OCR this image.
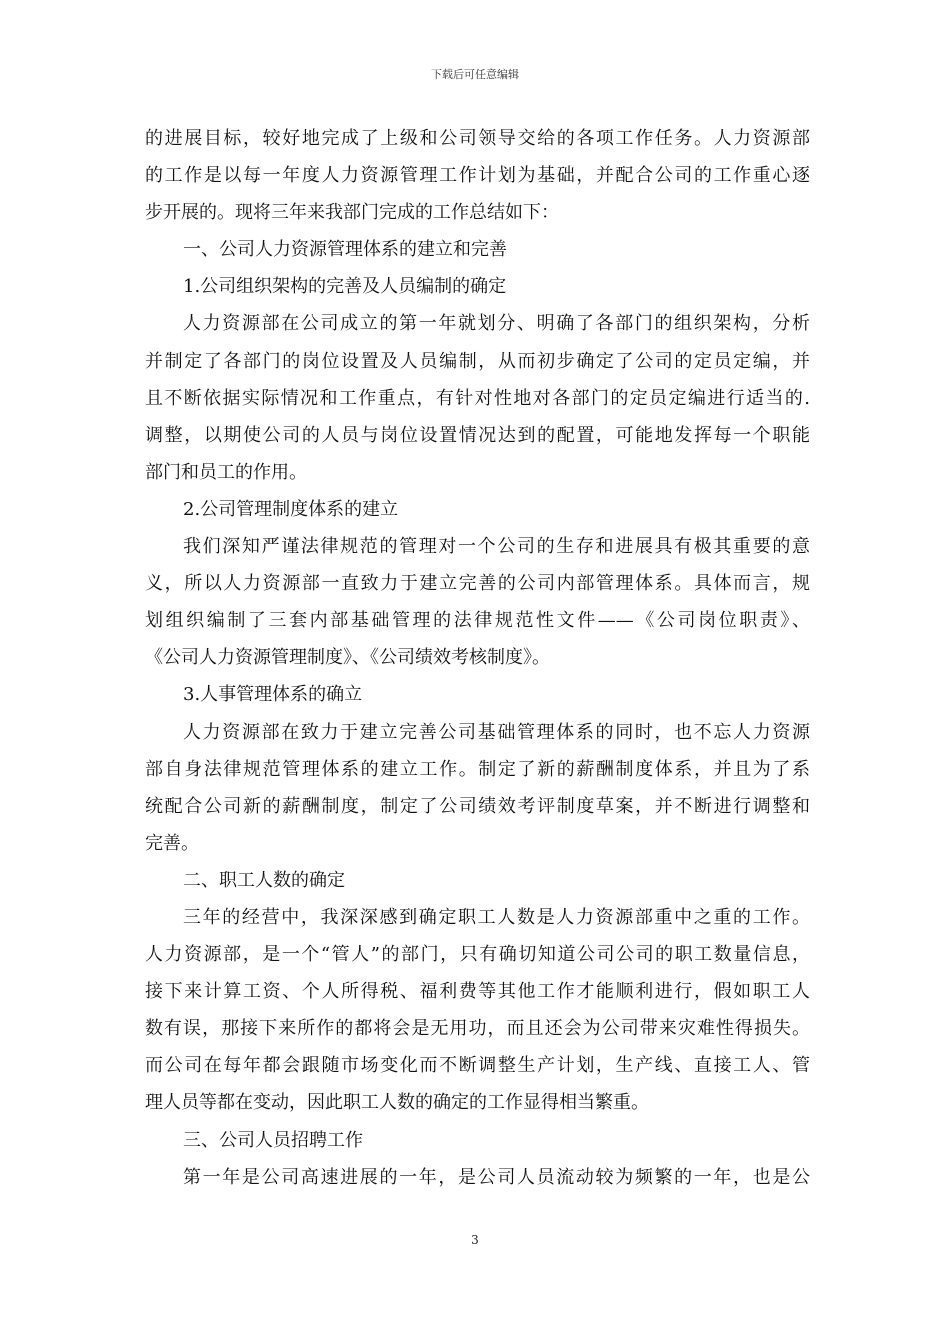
下载后可任意编辑
的进展目标，较好地完成了上级和公司领导交给的各项工作任务。人力资源部
的工作是以每一年度人力资源管理工作计划为基础，并配合公司的工作重心逐
步开展的。现将三年来我部门完成的工作总结如下：
一、公司人力资源管理体系的建立和完善
1.公司组织架构的完善及人员编制的确定
人力资源部在公司成立的第一年就划分、明确了各部门的组织架构，分析
并制定了各部门的岗位设置及人员编制，从而初步确定了公司的定员定编，并
且不断依据实际情况和工作重点，有针对性地对各部门的定员定编进行适当的.
调整，以期使公司的人员与岗位设置情况达到的配置，可能地发挥每一个职能
部门和员工的作用。
2.公司管理制度体系的建立
我们深知严谨法律规范的管理对一个公司的生存和进展具有极其重要的意
义，所以人力资源部一直致力于建立完善的公司内部管理体系。具体而言，规
划组织编制了三套内部基础管理的法律规范性文件——《公司岗位职责》、
《公司人力资源管理制度》、《公司绩效考核制度》。
3.人事管理体系的确立
人力资源部在致力于建立完善公司基础管理体系的同时，也不忘人力资源
部自身法律规范管理体系的建立工作。制定了新的薪酬制度体系，并且为了系
统配合公司新的薪酬制度，制定了公司绩效考评制度草案，并不断进行调整和
完善。
二、职工人数的确定
三年的经营中，我深深感到确定职工人数是人力资源部重中之重的工作。
人力资源部，是一个“管人”的部门，只有确切知道公司公司的职工数量信息，
接下来计算工资、个人所得税、福利费等其他工作才能顺利进行，假如职工人
数有误，那接下来所作的都将会是无用功，而且还会为公司带来灾难性得损失。
而公司在每年都会跟随市场变化而不断调整生产计划，生产线、直接工人、管
理人员等都在变动，因此职工人数的确定的工作显得相当繁重。
三、公司人员招聘工作
第一年是公司高速进展的一年，是公司人员流动较为频繁的一年，也是公
3
